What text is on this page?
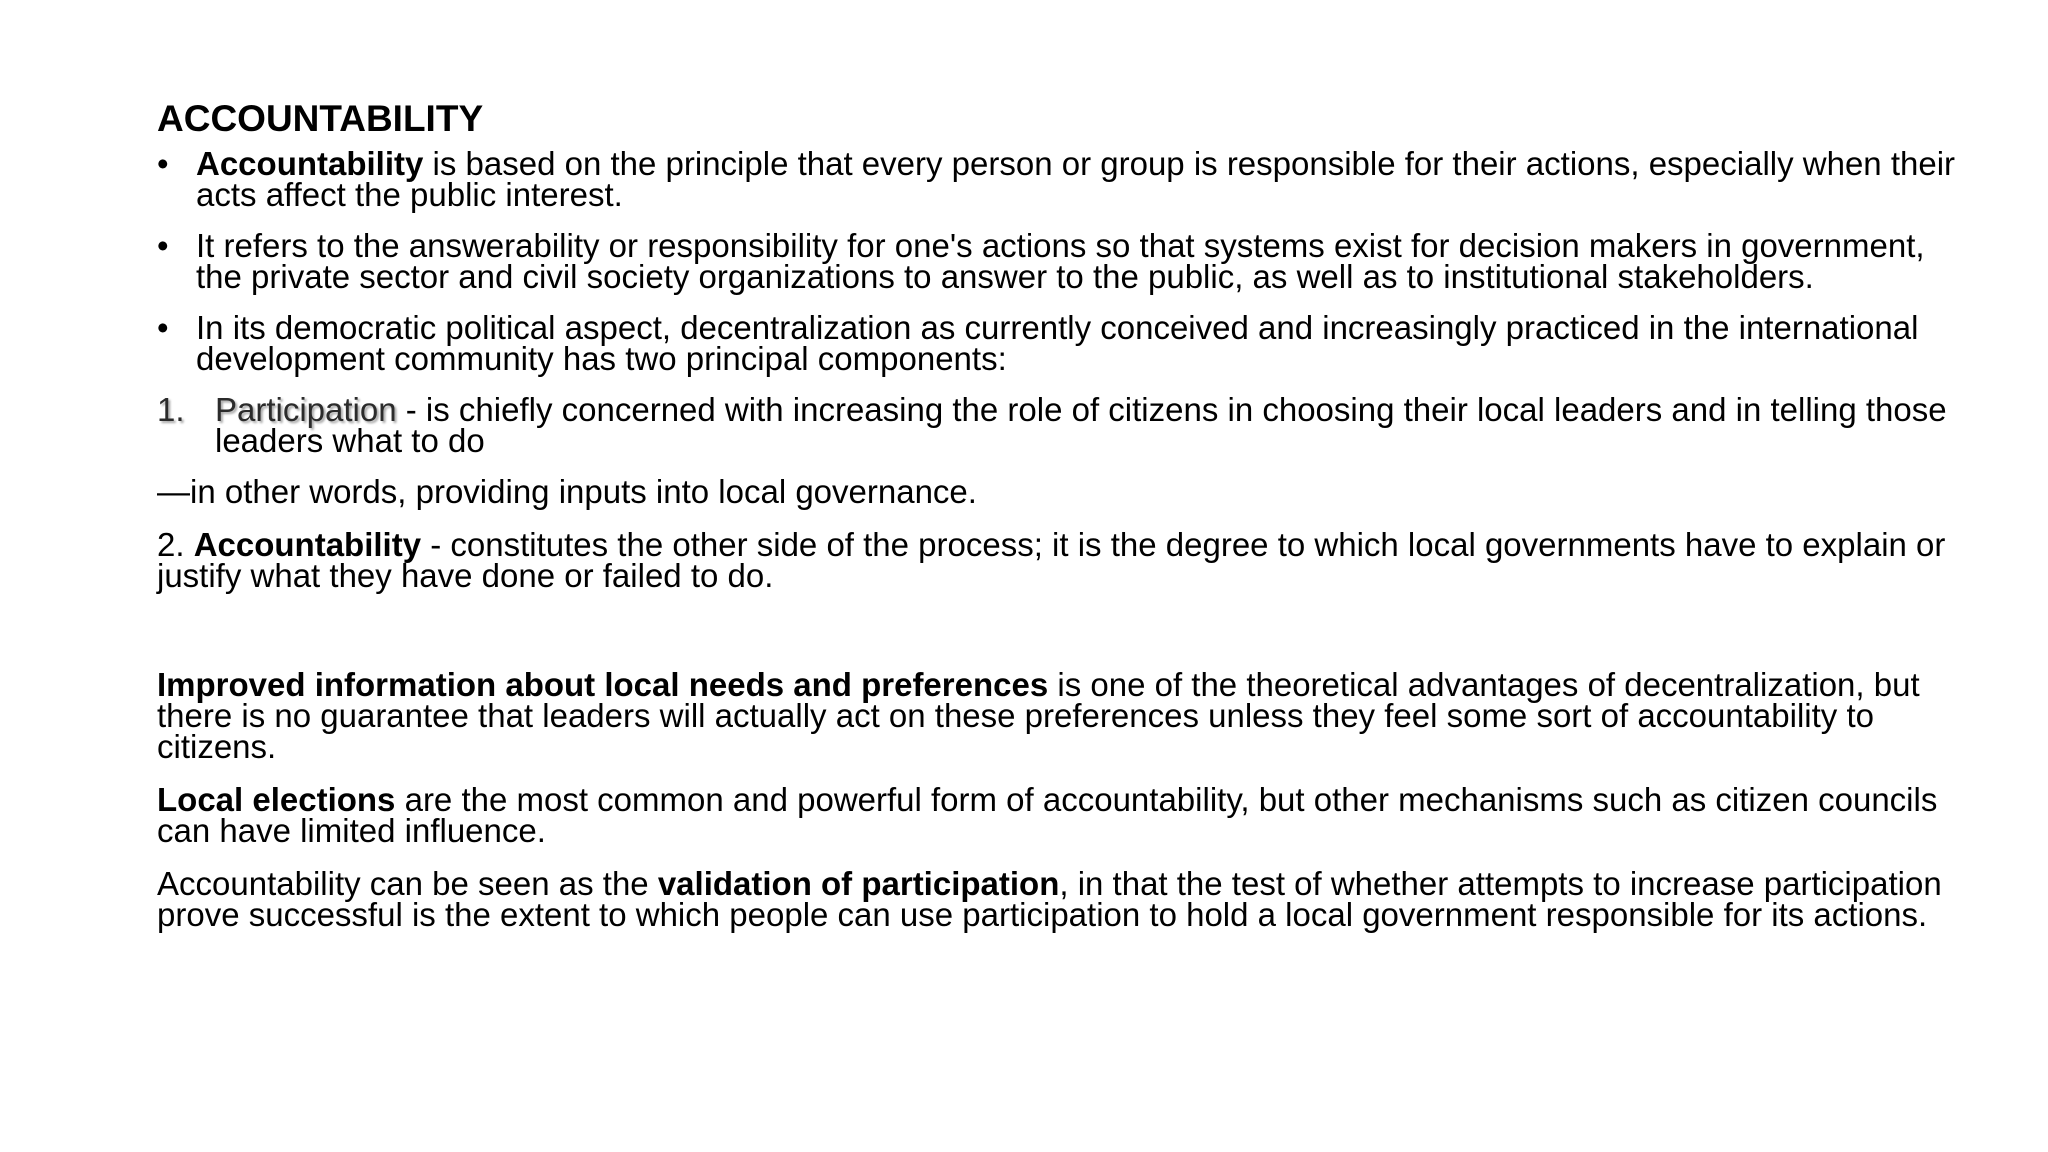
ACCOUNTABILITY
• Accountability is based on the principle that every person or group is responsible for their actions, especially when their acts affect the public interest.
• It refers to the answerability or responsibility for one's actions so that systems exist for decision makers in government, the private sector and civil society organizations to answer to the public, as well as to institutional stakeholders.
• In its democratic political aspect, decentralization as currently conceived and increasingly practiced in the international development community has two principal components:
1. Participation - is chiefly concerned with increasing the role of citizens in choosing their local leaders and in telling those leaders what to do
—in other words, providing inputs into local governance.
2. Accountability - constitutes the other side of the process; it is the degree to which local governments have to explain or justify what they have done or failed to do.
Improved information about local needs and preferences is one of the theoretical advantages of decentralization, but there is no guarantee that leaders will actually act on these preferences unless they feel some sort of accountability to citizens.
Local elections are the most common and powerful form of accountability, but other mechanisms such as citizen councils can have limited influence.
Accountability can be seen as the validation of participation, in that the test of whether attempts to increase participation prove successful is the extent to which people can use participation to hold a local government responsible for its actions.
